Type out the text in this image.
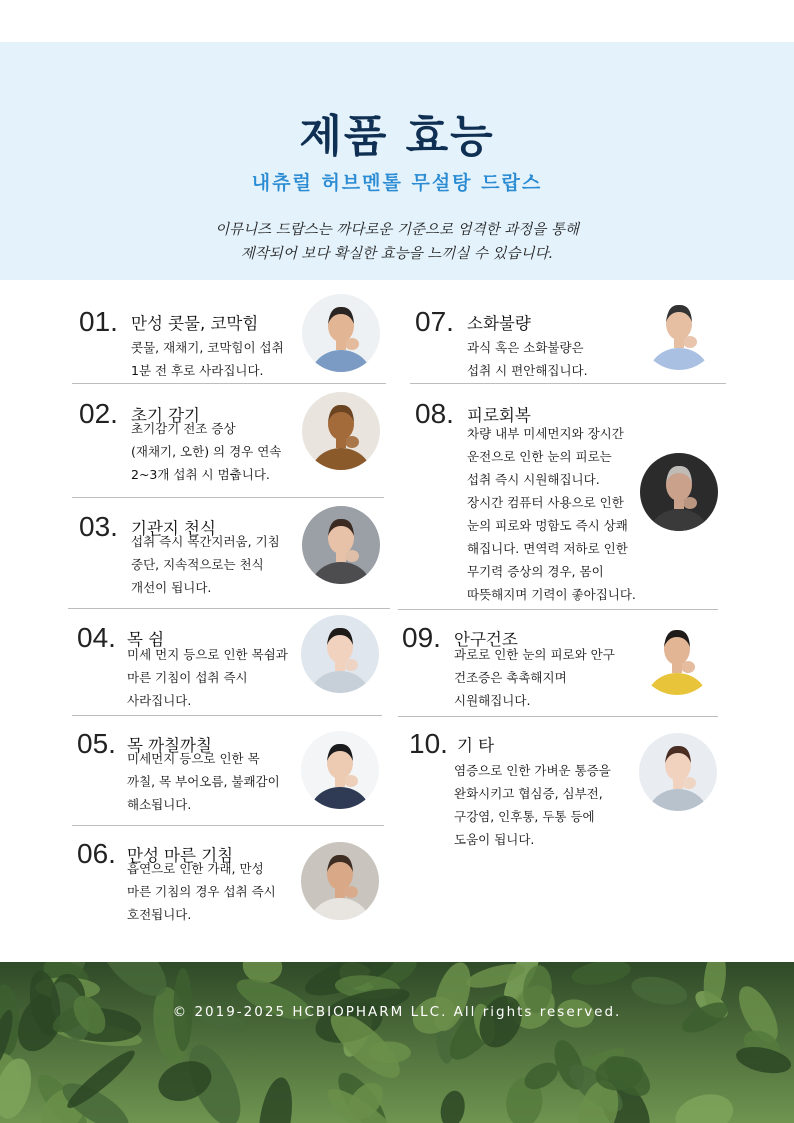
제품 효능
내츄럴 허브멘톨 무설탕 드랍스
이뮤니즈 드랍스는 까다로운 기준으로 엄격한 과정을 통해
제작되어 보다 확실한 효능을 느끼실 수 있습니다.
01. 만성 콧물, 코막힘
콧물, 재채기, 코막힘이 섭취
1분 전 후로 사라집니다.
02. 초기 감기
초기감기 전조 증상
(재채기, 오한) 의 경우 연속
2~3개 섭취 시 멈춥니다.
03. 기관지 천식
섭취 즉시 목간지러움, 기침
중단, 지속적으로는 천식
개선이 됩니다.
04. 목 쉼
미세 먼지 등으로 인한 목쉼과
마른 기침이 섭취 즉시
사라집니다.
05. 목 까칠까칠
미세먼지 등으로 인한 목
까칠, 목 부어오름, 불쾌감이
해소됩니다.
06. 만성 마른 기침
흡연으로 인한 가래, 만성
마른 기침의 경우 섭취 즉시
호전됩니다.
07. 소화불량
과식 혹은 소화불량은
섭취 시 편안해집니다.
08. 피로회복
차량 내부 미세먼지와 장시간
운전으로 인한 눈의 피로는
섭취 즉시 시원해집니다.
장시간 컴퓨터 사용으로 인한
눈의 피로와 멍함도 즉시 상쾌
해집니다. 면역력 저하로 인한
무기력 증상의 경우, 몸이
따뜻해지며 기력이 좋아집니다.
09. 안구건조
과로로 인한 눈의 피로와 안구
건조증은 촉촉해지며
시원해집니다.
10. 기 타
염증으로 인한 가벼운 통증을
완화시키고 협심증, 심부전,
구강염, 인후통, 두통 등에
도움이 됩니다.
© 2019-2025 HCBIOPHARM LLC. All rights reserved.
